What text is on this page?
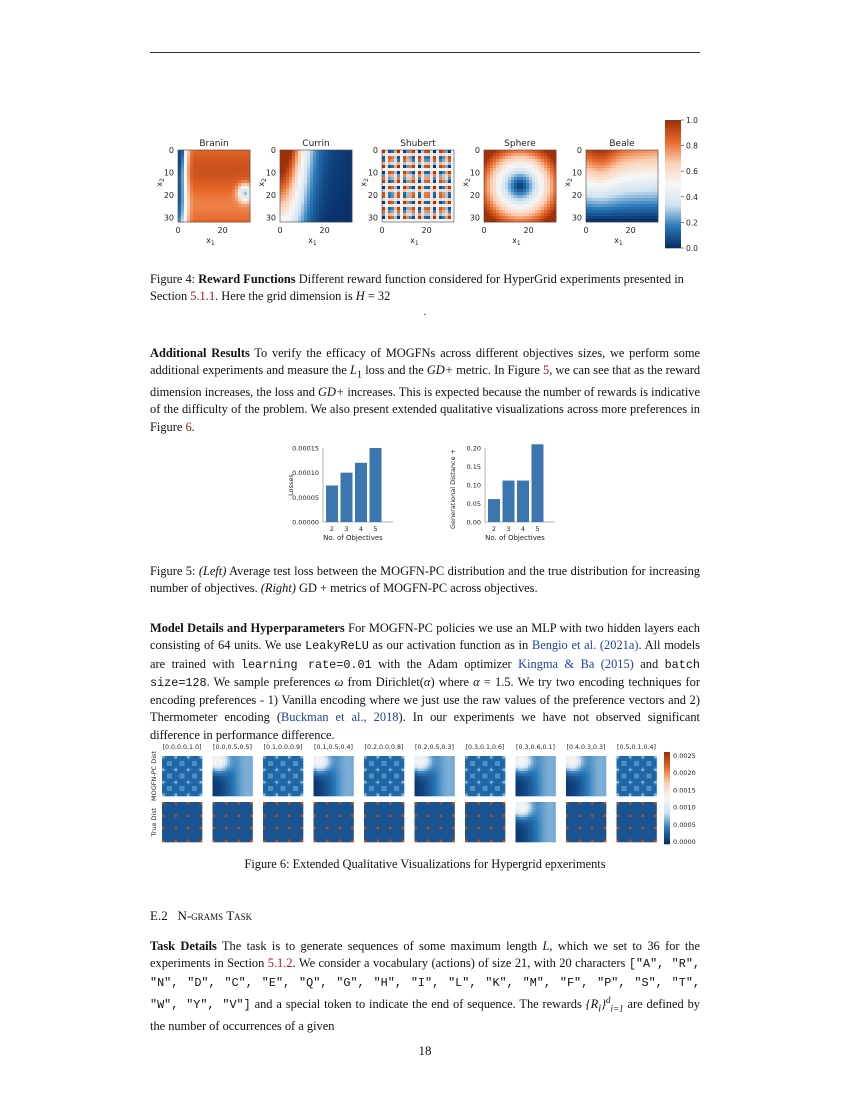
Branin
0
10
20
30
0	20
$x_1$
$x_2$
Currin
0
10
20
30
0	20
$x_1$
$x_2$
Shubert
0
10
20
30
0	20
$x_1$
$x_2$
Sphere
0
10
20
30
0	20
$x_1$
$x_2$
Beale
0
10
20
30
0	20
$x_1$
$x_2$
1.0
0.8
0.6
0.4
0.2
0.0

Figure 4: Reward Functions Different reward function considered for HyperGrid experiments presented in Section 5.1.1. Here the grid dimension is H = 32

.

Additional Results To verify the efficacy of MOGFNs across different objectives sizes, we perform some additional experiments and measure the $L_1$ loss and the GD+ metric. In Figure 5, we can see that as the reward dimension increases, the loss and GD+ increases. This is expected because the number of rewards is indicative of the difficulty of the problem. We also present extended qualitative visualizations across more preferences in Figure 6.

0.00000
0.00005
0.00010
0.00015
2 3 4 5
No. of Objectives
Losses
0.00
0.05
0.10
0.15
0.20
2 3 4 5
No. of Objectives
Generational Distance +

Figure 5: (Left) Average test loss between the MOGFN-PC distribution and the true distribution for increasing number of objectives. (Right) GD + metrics of MOGFN-PC across objectives.

Model Details and Hyperparameters For MOGFN-PC policies we use an MLP with two hidden layers each consisting of 64 units. We use LeakyReLU as our activation function as in Bengio et al. (2021a). All models are trained with learning rate=0.01 with the Adam optimizer Kingma & Ba (2015) and batch size=128. We sample preferences ω from Dirichlet(α) where α = 1.5. We try two encoding techniques for encoding preferences - 1) Vanilla encoding where we just use the raw values of the preference vectors and 2) Thermometer encoding (Buckman et al., 2018). In our experiments we have not observed significant difference in performance difference.

[0.0,0.0,1.0] [0.0,0.5,0.5] [0.1,0.0,0.9] [0.1,0.5,0.4] [0.2,0.0,0.8] [0.2,0.5,0.3] [0.3,0.1,0.6] [0.3,0.6,0.1] [0.4,0.3,0.3] [0.5,0.1,0.4]
MOGFN-PC Dist
True Dist
0.0025
0.0020
0.0015
0.0010
0.0005
0.0000
Figure 6: Extended Qualitative Visualizations for Hypergrid epxeriments
E.2 N-grams Task

Task Details The task is to generate sequences of some maximum length L, which we set to 36 for the experiments in Section 5.1.2. We consider a vocabulary (actions) of size 21, with 20 characters ["A", "R", "N", "D", "C", "E", "Q", "G", "H", "I", "L", "K", "M", "F", "P", "S", "T", "W", "Y", "V"] and a special token to indicate the end of sequence. The rewards $\{R_i\}^d_{i=1}$ are defined by the number of occurrences of a given

18
